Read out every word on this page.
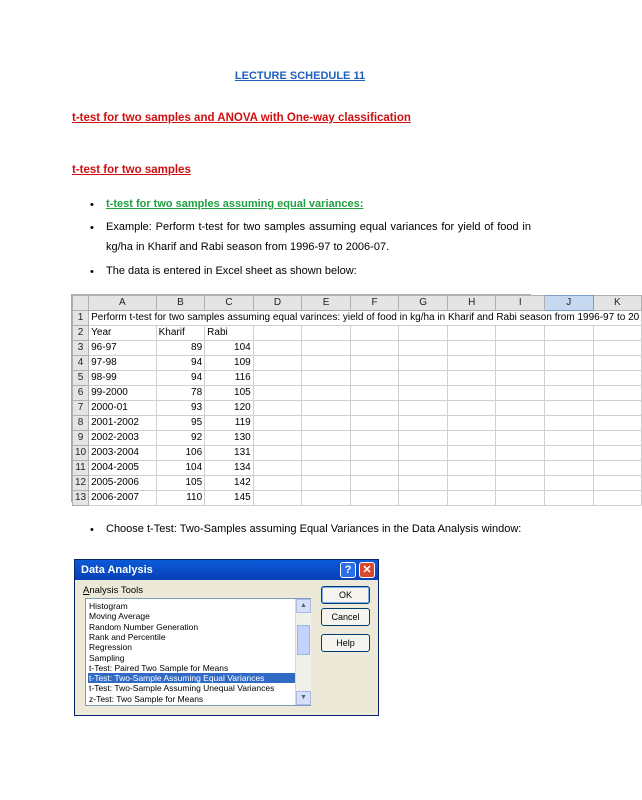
LECTURE SCHEDULE 11
t-test for two samples and ANOVA with One-way classification
t-test for two samples
• t-test for two samples assuming equal variances:
• Example: Perform t-test for two samples assuming equal variances for yield of food in kg/ha in Kharif and Rabi season from 1996-97 to 2006-07.
• The data is entered in Excel sheet as shown below:
	A	B	C	D	E	F	G	H	I	J	K
1	Perform t-test for two samples assuming equal varinces: yield of food in kg/ha in Kharif and Rabi season from 1996-97 to 20										
2	Year	Kharif	Rabi								
3	96-97	89	104								
4	97-98	94	109								
5	98-99	94	116								
6	99-2000	78	105								
7	2000-01	93	120								
8	2001-2002	95	119								
9	2002-2003	92	130								
10	2003-2004	106	131								
11	2004-2005	104	134								
12	2005-2006	105	142								
13	2006-2007	110	145								
• Choose t-Test: Two-Samples assuming Equal Variances in the Data Analysis window:
Data Analysis	?	✕
Analysis Tools
▲
▼
Histogram
Moving Average
Random Number Generation
Rank and Percentile
Regression
Sampling
t-Test: Paired Two Sample for Means
t-Test: Two-Sample Assuming Equal Variances
t-Test: Two-Sample Assuming Unequal Variances
z-Test: Two Sample for Means
OK
Cancel
Help
